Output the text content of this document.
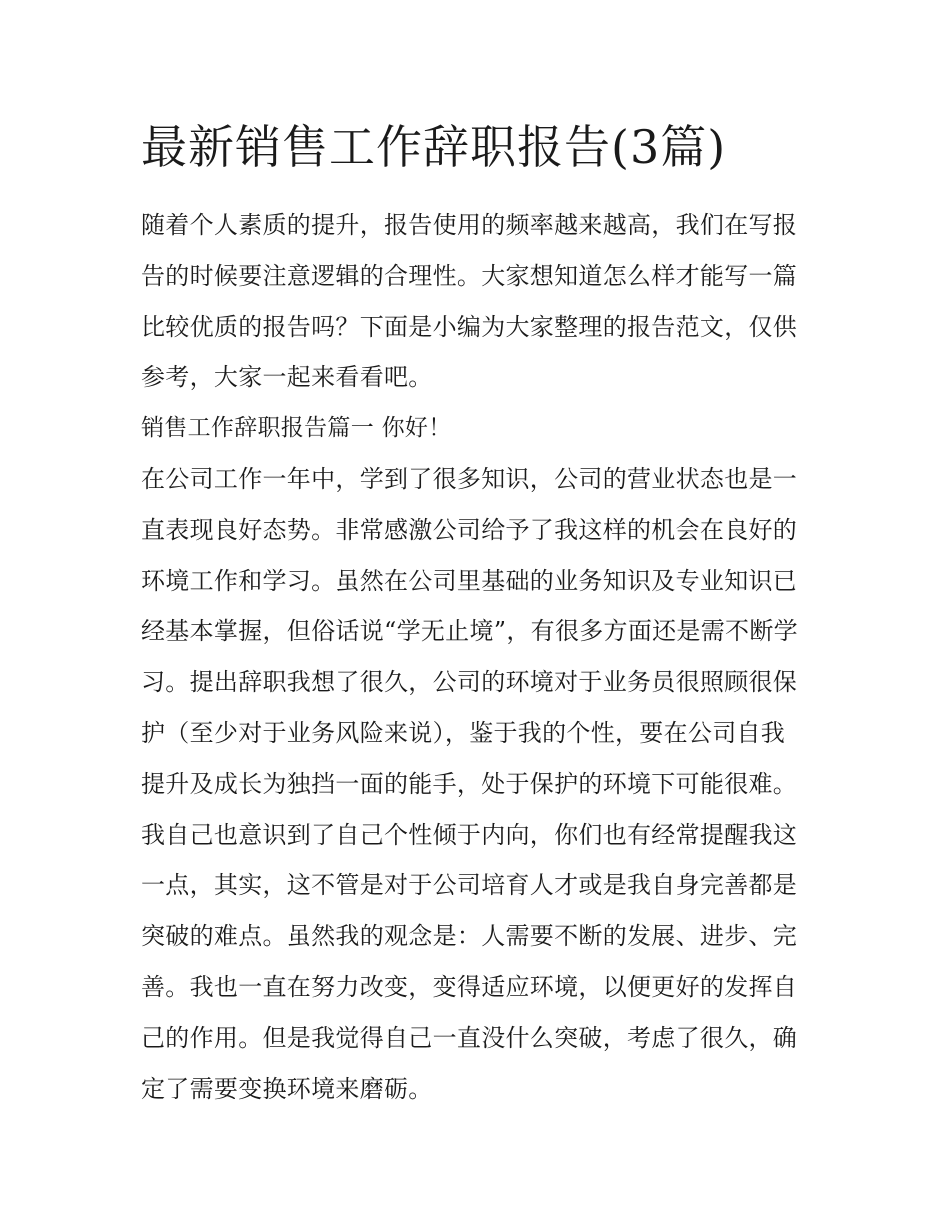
最新销售工作辞职报告(3篇)
随着个人素质的提升，报告使用的频率越来越高，我们在写报
告的时候要注意逻辑的合理性。大家想知道怎么样才能写一篇
比较优质的报告吗？下面是小编为大家整理的报告范文，仅供
参考，大家一起来看看吧。
销售工作辞职报告篇一 你好！
在公司工作一年中，学到了很多知识，公司的营业状态也是一
直表现良好态势。非常感激公司给予了我这样的机会在良好的
环境工作和学习。虽然在公司里基础的业务知识及专业知识已
经基本掌握，但俗话说“学无止境”，有很多方面还是需不断学
习。提出辞职我想了很久，公司的环境对于业务员很照顾很保
护（至少对于业务风险来说），鉴于我的个性，要在公司自我
提升及成长为独挡一面的能手，处于保护的环境下可能很难。
我自己也意识到了自己个性倾于内向，你们也有经常提醒我这
一点，其实，这不管是对于公司培育人才或是我自身完善都是
突破的难点。虽然我的观念是：人需要不断的发展、进步、完
善。我也一直在努力改变，变得适应环境，以便更好的发挥自
己的作用。但是我觉得自己一直没什么突破，考虑了很久，确
定了需要变换环境来磨砺。
